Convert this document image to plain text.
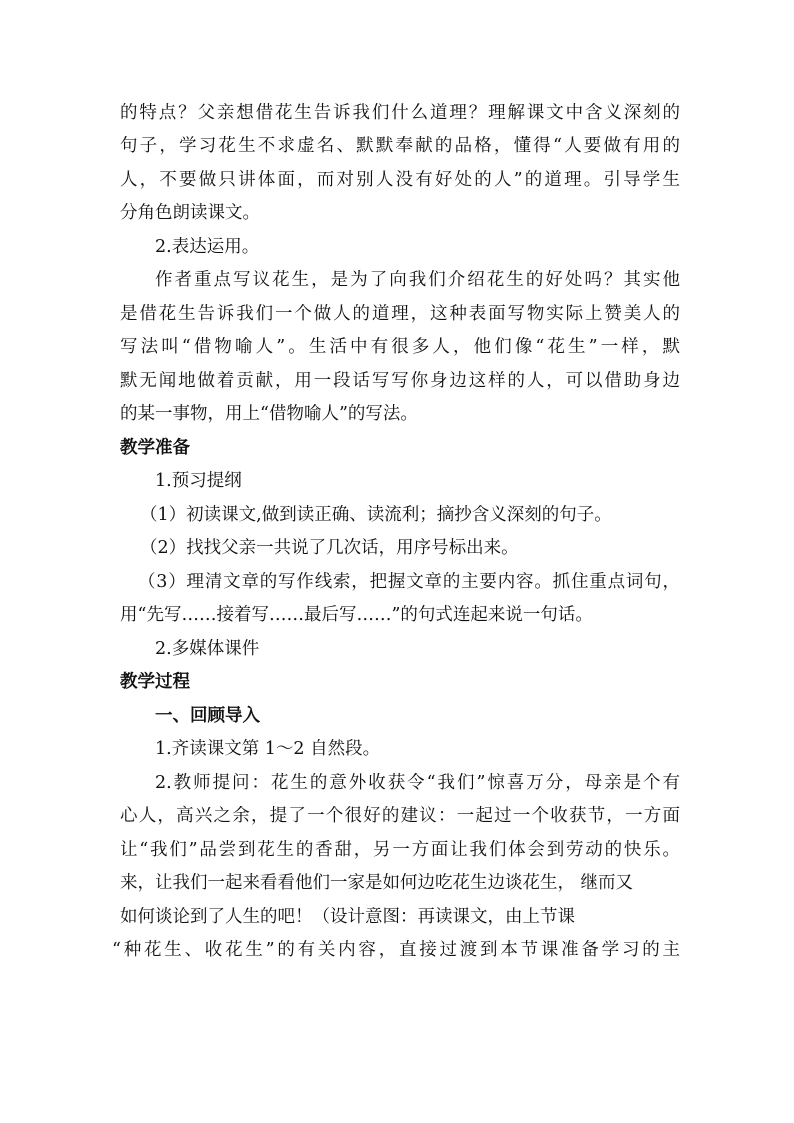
的特点？父亲想借花生告诉我们什么道理？理解课文中含义深刻的
句子，学习花生不求虚名、默默奉献的品格，懂得“人要做有用的
人，不要做只讲体面，而对别人没有好处的人”的道理。引导学生
分角色朗读课文。
2.表达运用。
作者重点写议花生，是为了向我们介绍花生的好处吗？其实他
是借花生告诉我们一个做人的道理，这种表面写物实际上赞美人的
写法叫“借物喻人”。生活中有很多人，他们像“花生”一样，默
默无闻地做着贡献，用一段话写写你身边这样的人，可以借助身边
的某一事物，用上“借物喻人”的写法。
教学准备
1.预习提纲
（1）初读课文,做到读正确、读流利；摘抄含义深刻的句子。
（2）找找父亲一共说了几次话，用序号标出来。
（3）理清文章的写作线索，把握文章的主要内容。抓住重点词句，
用“先写……接着写……最后写……”的句式连起来说一句话。
2.多媒体课件
教学过程
一、回顾导入
1.齐读课文第 1～2 自然段。
2.教师提问：花生的意外收获令“我们”惊喜万分，母亲是个有
心人，高兴之余，提了一个很好的建议：一起过一个收获节，一方面
让“我们”品尝到花生的香甜，另一方面让我们体会到劳动的快乐。
来，让我们一起来看看他们一家是如何边吃花生边谈花生， 继而又
如何谈论到了人生的吧！（设计意图：再读课文，由上节课
“种花生、收花生”的有关内容，直接过渡到本节课准备学习的主
